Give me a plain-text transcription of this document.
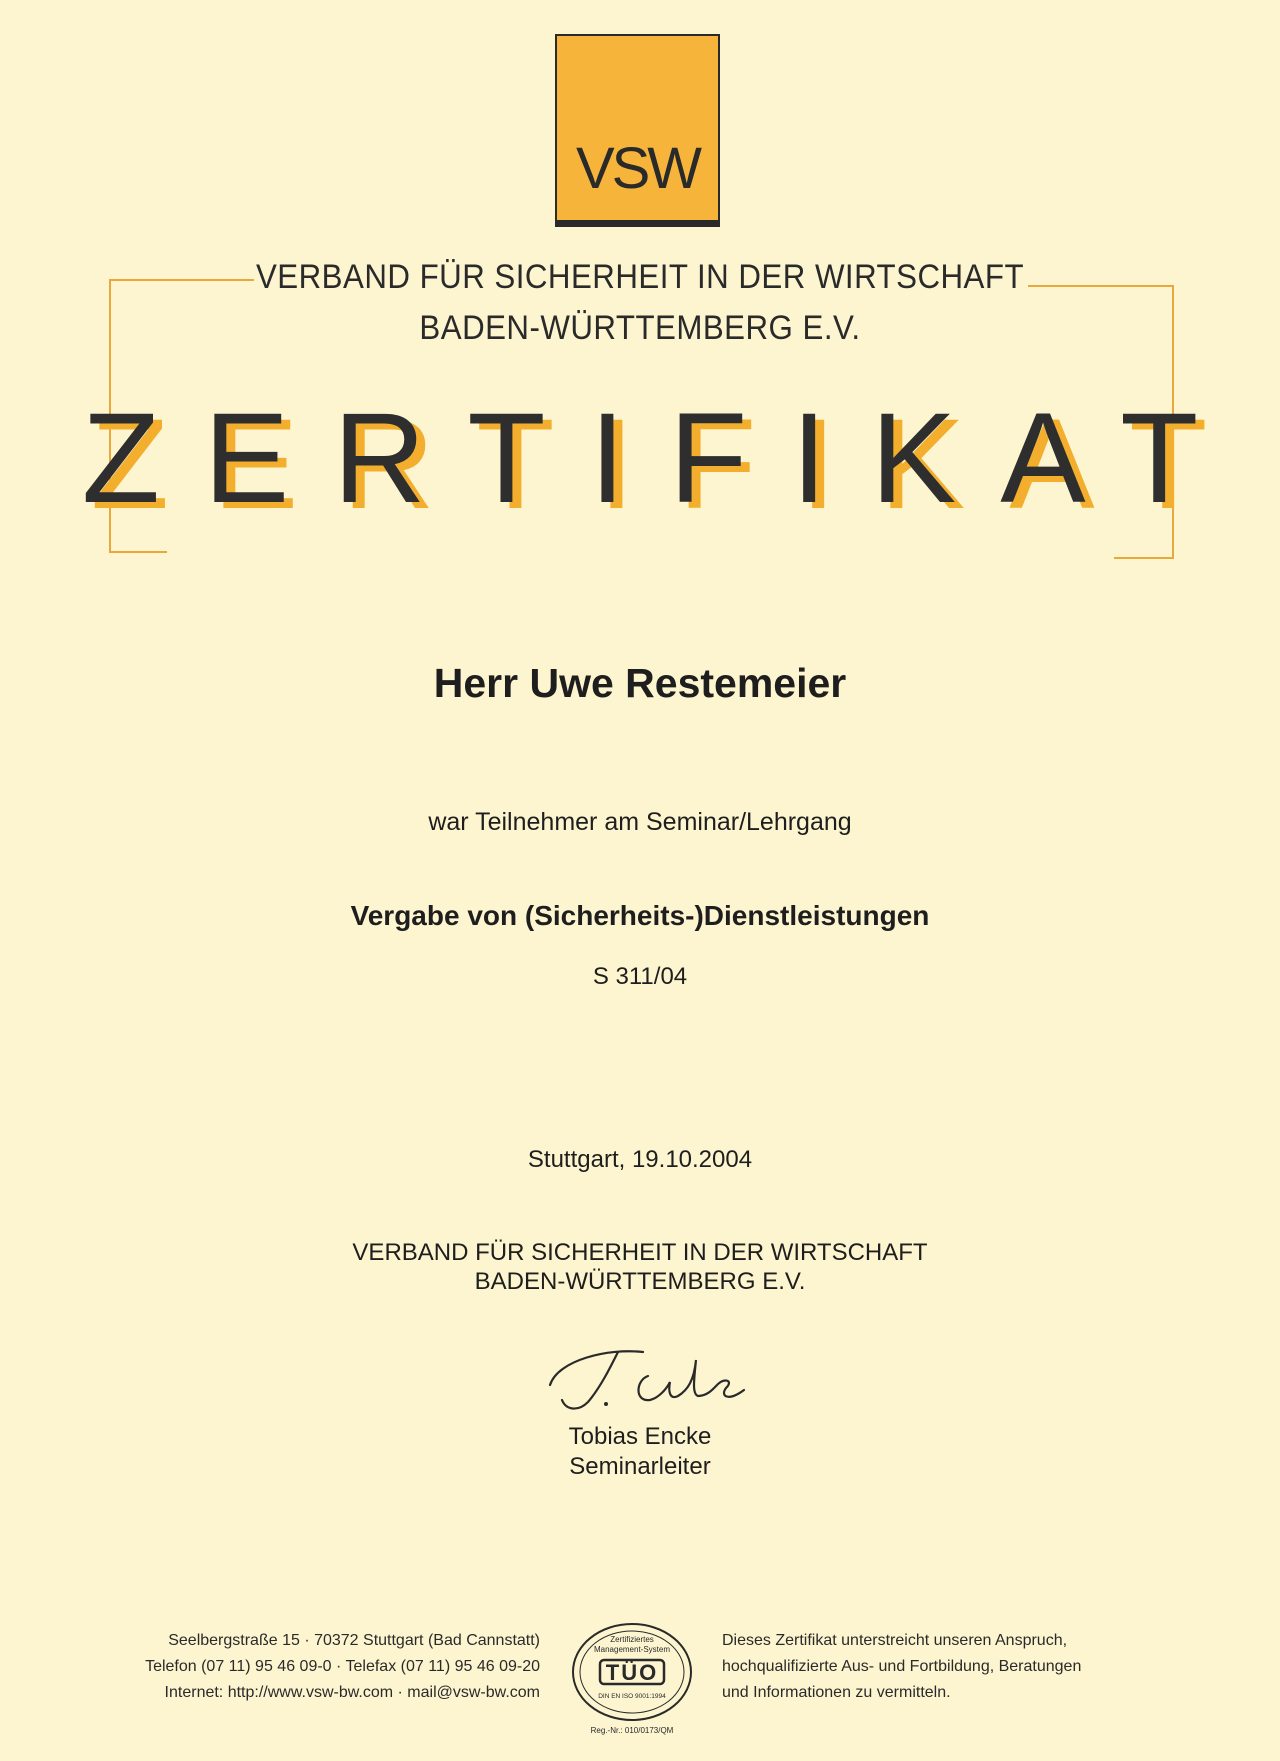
VSW
VERBAND FÜR SICHERHEIT IN DER WIRTSCHAFT
BADEN-WÜRTTEMBERG E.V.
ZERTIFIKAT
Herr Uwe Restemeier
war Teilnehmer am Seminar/Lehrgang
Vergabe von (Sicherheits-)Dienstleistungen
S 311/04
Stuttgart, 19.10.2004
VERBAND FÜR SICHERHEIT IN DER WIRTSCHAFT
BADEN-WÜRTTEMBERG E.V.
Tobias Encke
Seminarleiter
Seelbergstraße 15 · 70372 Stuttgart (Bad Cannstatt)
Telefon (07 11) 95 46 09-0 · Telefax (07 11) 95 46 09-20
Internet: http://www.vsw-bw.com · mail@vsw-bw.com
Zertifiziertes
Management-System
TÜO
DIN EN ISO 9001:1994
Reg.-Nr.: 010/0173/QM
Dieses Zertifikat unterstreicht unseren Anspruch,
hochqualifizierte Aus- und Fortbildung, Beratungen
und Informationen zu vermitteln.
